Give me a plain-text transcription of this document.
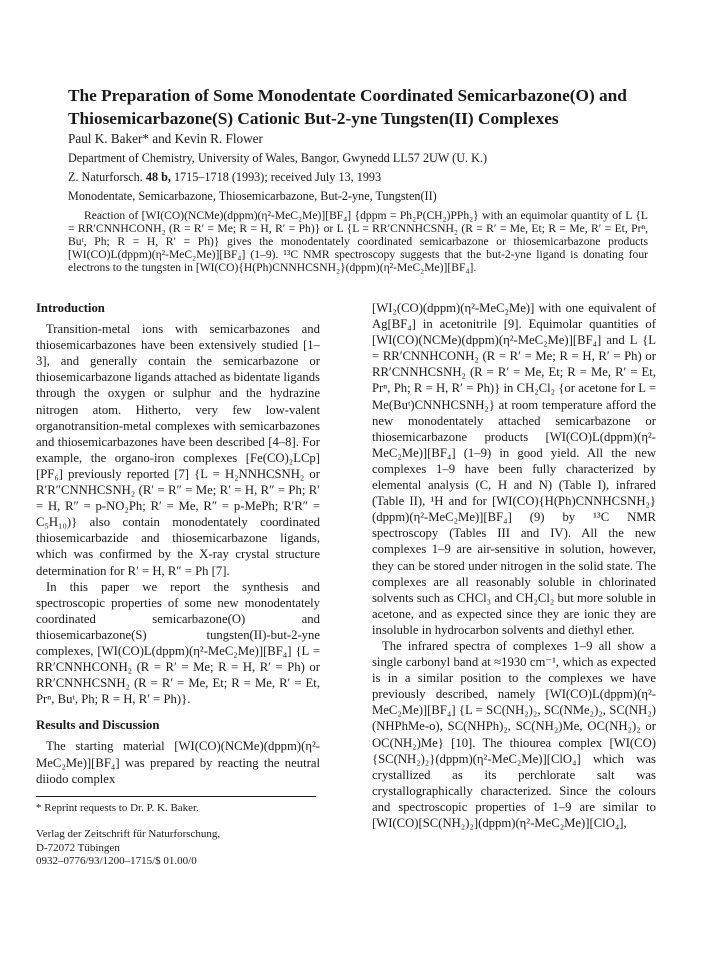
The Preparation of Some Monodentate Coordinated Semicarbazone(O) and Thiosemicarbazone(S) Cationic But-2-yne Tungsten(II) Complexes
Paul K. Baker* and Kevin R. Flower
Department of Chemistry, University of Wales, Bangor, Gwynedd LL57 2UW (U. K.)
Z. Naturforsch. 48 b, 1715–1718 (1993); received July 13, 1993
Monodentate, Semicarbazone, Thiosemicarbazone, But-2-yne, Tungsten(II)

Reaction of [WI(CO)(NCMe)(dppm)(η²-MeC₂Me)][BF₄] {dppm = Ph₂P(CH₂)PPh₂} with an equimolar quantity of L {L = RR′CNNHCONH₂ (R = R′ = Me; R = H, R′ = Ph)} or L {L = RR′CNNHCSNH₂ (R = R′ = Me, Et; R = Me, R′ = Et, Prⁿ, Buᵗ, Ph; R = H, R′ = Ph)} gives the monodentately coordinated semicarbazone or thiosemicarbazone products [WI(CO)L(dppm)(η²-MeC₂Me)][BF₄] (1–9). ¹³C NMR spectroscopy suggests that the but-2-yne ligand is donating four electrons to the tungsten in [WI(CO){H(Ph)CNNHCSNH₂}(dppm)(η²-MeC₂Me)][BF₄].

Introduction

Transition-metal ions with semicarbazones and thiosemicarbazones have been extensively studied [1–3], and generally contain the semicarbazone or thiosemicarbazone ligands attached as bidentate ligands through the oxygen or sulphur and the hydrazine nitrogen atom. Hitherto, very few low-valent organotransition-metal complexes with semicarbazones and thiosemicarbazones have been described [4–8]. For example, the organo-iron complexes [Fe(CO)₂LCp][PF₆] previously reported [7] {L = H₂NNHCSNH₂ or R′R″CNNHCSNH₂ (R′ = R″ = Me; R′ = H, R″ = Ph; R′ = H, R″ = p-NO₂Ph; R′ = Me, R″ = p-MePh; R′R″ = C₅H₁₀)} also contain monodentately coordinated thiosemicarbazide and thiosemicarbazone ligands, which was confirmed by the X-ray crystal structure determination for R′ = H, R″ = Ph [7].

In this paper we report the synthesis and spectroscopic properties of some new monodentately coordinated semicarbazone(O) and thiosemicarbazone(S) tungsten(II)-but-2-yne complexes, [WI(CO)L(dppm)(η²-MeC₂Me)][BF₄] {L = RR′CNNHCONH₂ (R = R′ = Me; R = H, R′ = Ph) or RR′CNNHCSNH₂ (R = R′ = Me, Et; R = Me, R′ = Et, Prⁿ, Buᵗ, Ph; R = H, R′ = Ph)}.

Results and Discussion

The starting material [WI(CO)(NCMe)(dppm)(η²-MeC₂Me)][BF₄] was prepared by reacting the neutral diiodo complex

[WI₂(CO)(dppm)(η²-MeC₂Me)] with one equivalent of Ag[BF₄] in acetonitrile [9]. Equimolar quantities of [WI(CO)(NCMe)(dppm)(η²-MeC₂Me)][BF₄] and L {L = RR′CNNHCONH₂ (R = R′ = Me; R = H, R′ = Ph) or RR′CNNHCSNH₂ (R = R′ = Me, Et; R = Me, R′ = Et, Prⁿ, Ph; R = H, R′ = Ph)} in CH₂Cl₂ {or acetone for L = Me(Buᵗ)CNNHCSNH₂} at room temperature afford the new monodentately attached semicarbazone or thiosemicarbazone products [WI(CO)L(dppm)(η²-MeC₂Me)][BF₄] (1–9) in good yield. All the new complexes 1–9 have been fully characterized by elemental analysis (C, H and N) (Table I), infrared (Table II), ¹H and for [WI(CO){H(Ph)CNNHCSNH₂}(dppm)(η²-MeC₂Me)][BF₄] (9) by ¹³C NMR spectroscopy (Tables III and IV). All the new complexes 1–9 are air-sensitive in solution, however, they can be stored under nitrogen in the solid state. The complexes are all reasonably soluble in chlorinated solvents such as CHCl₃ and CH₂Cl₂ but more soluble in acetone, and as expected since they are ionic they are insoluble in hydrocarbon solvents and diethyl ether.

The infrared spectra of complexes 1–9 all show a single carbonyl band at ≈1930 cm⁻¹, which as expected is in a similar position to the complexes we have previously described, namely [WI(CO)L(dppm)(η²-MeC₂Me)][BF₄] {L = SC(NH₂)₂, SC(NMe₂)₂, SC(NH₂)(NHPhMe-o), SC(NHPh)₂, SC(NH₂)Me, OC(NH₂)₂ or OC(NH₂)Me} [10]. The thiourea complex [WI(CO){SC(NH₂)₂}(dppm)(η²-MeC₂Me)][ClO₄] which was crystallized as its perchlorate salt was crystallographically characterized. Since the colours and spectroscopic properties of 1–9 are similar to [WI(CO)[SC(NH₂)₂](dppm)(η²-MeC₂Me)][ClO₄],

* Reprint requests to Dr. P. K. Baker.
Verlag der Zeitschrift für Naturforschung,
D-72072 Tübingen
0932–0776/93/1200–1715/$ 01.00/0
